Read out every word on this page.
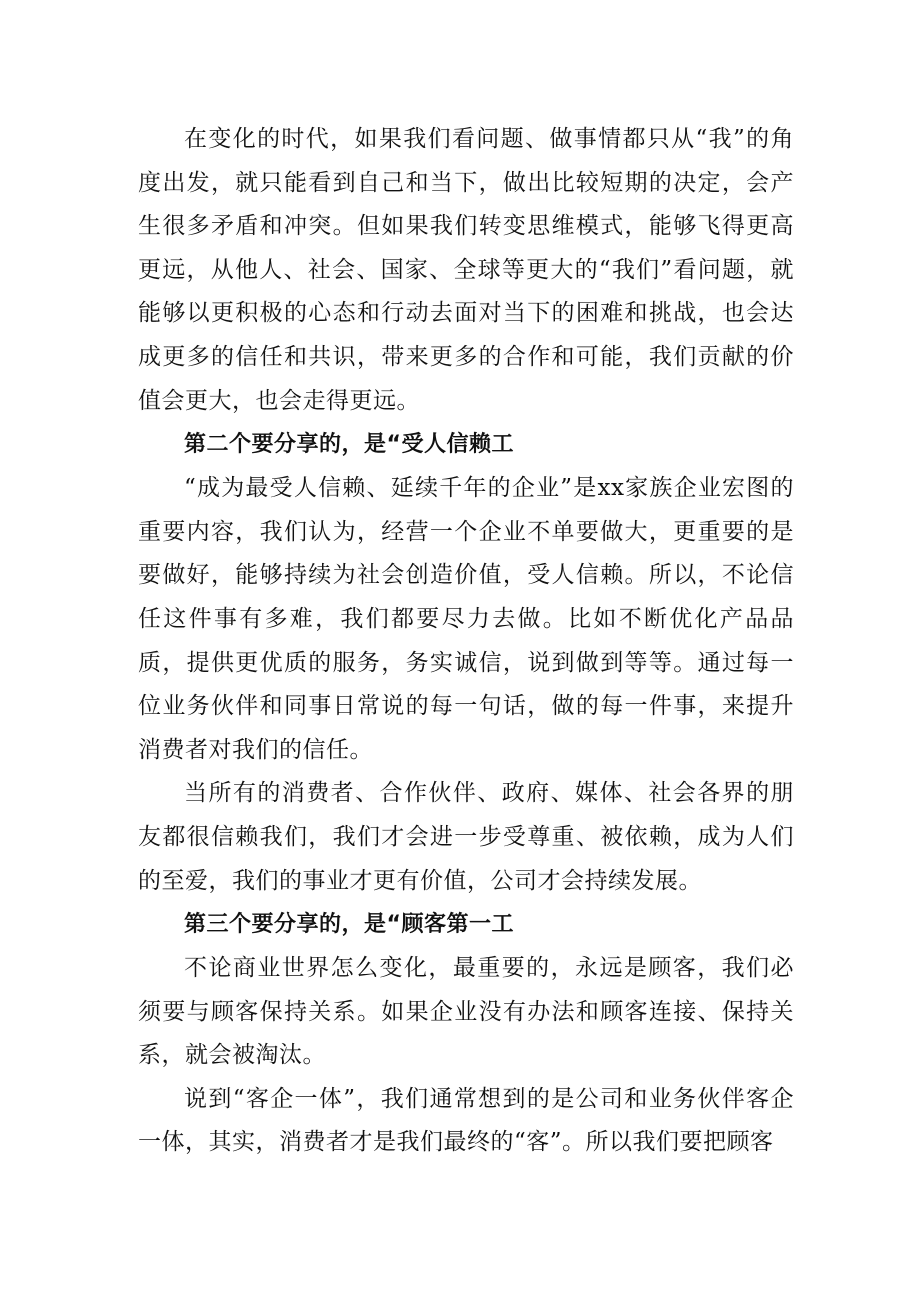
在变化的时代，如果我们看问题、做事情都只从“我”的角度出发，就只能看到自己和当下，做出比较短期的决定，会产生很多矛盾和冲突。但如果我们转变思维模式，能够飞得更高更远，从他人、社会、国家、全球等更大的“我们”看问题，就能够以更积极的心态和行动去面对当下的困难和挑战，也会达成更多的信任和共识，带来更多的合作和可能，我们贡献的价值会更大，也会走得更远。

第二个要分享的，是“受人信赖工

“成为最受人信赖、延续千年的企业”是xx家族企业宏图的重要内容，我们认为，经营一个企业不单要做大，更重要的是要做好，能够持续为社会创造价值，受人信赖。所以，不论信任这件事有多难，我们都要尽力去做。比如不断优化产品品质，提供更优质的服务，务实诚信，说到做到等等。通过每一位业务伙伴和同事日常说的每一句话，做的每一件事，来提升消费者对我们的信任。

当所有的消费者、合作伙伴、政府、媒体、社会各界的朋友都很信赖我们，我们才会进一步受尊重、被依赖，成为人们的至爱，我们的事业才更有价值，公司才会持续发展。

第三个要分享的，是“顾客第一工

不论商业世界怎么变化，最重要的，永远是顾客，我们必须要与顾客保持关系。如果企业没有办法和顾客连接、保持关系，就会被淘汰。

说到“客企一体”，我们通常想到的是公司和业务伙伴客企一体，其实，消费者才是我们最终的“客”。所以我们要把顾客
